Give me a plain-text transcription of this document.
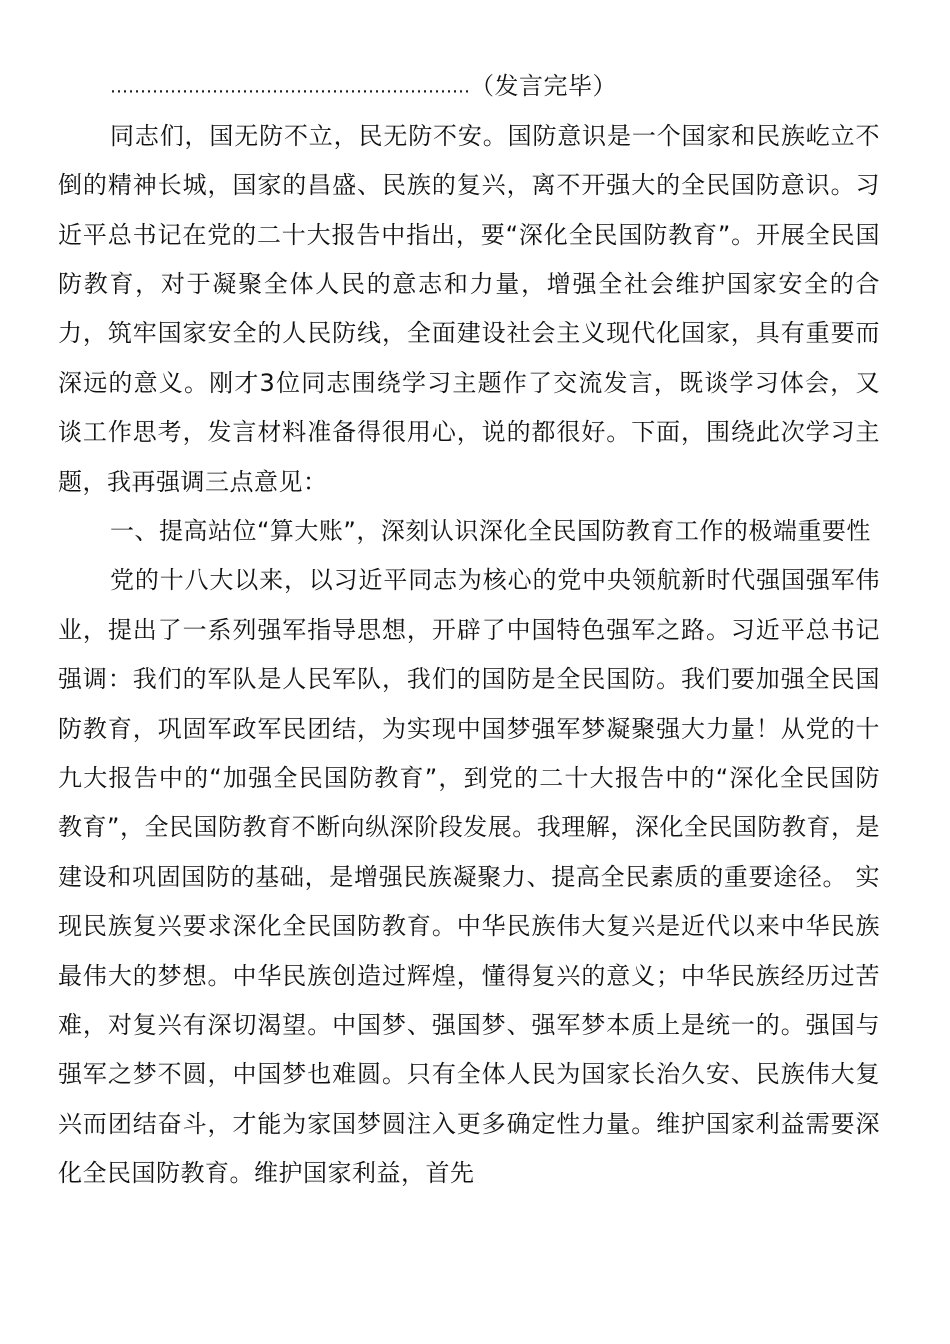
……………………………………………………（发言完毕）

同志们，国无防不立，民无防不安。国防意识是一个国家和民族屹立不倒的精神长城，国家的昌盛、民族的复兴，离不开强大的全民国防意识。习近平总书记在党的二十大报告中指出，要“深化全民国防教育”。开展全民国防教育，对于凝聚全体人民的意志和力量，增强全社会维护国家安全的合力，筑牢国家安全的人民防线，全面建设社会主义现代化国家，具有重要而深远的意义。刚才3位同志围绕学习主题作了交流发言，既谈学习体会，又谈工作思考，发言材料准备得很用心，说的都很好。下面，围绕此次学习主题，我再强调三点意见：

一、提高站位“算大账”，深刻认识深化全民国防教育工作的极端重要性

党的十八大以来，以习近平同志为核心的党中央领航新时代强国强军伟业，提出了一系列强军指导思想，开辟了中国特色强军之路。习近平总书记强调：我们的军队是人民军队，我们的国防是全民国防。我们要加强全民国防教育，巩固军政军民团结，为实现中国梦强军梦凝聚强大力量！从党的十九大报告中的“加强全民国防教育”，到党的二十大报告中的“深化全民国防教育”，全民国防教育不断向纵深阶段发展。我理解，深化全民国防教育，是建设和巩固国防的基础，是增强民族凝聚力、提高全民素质的重要途径。 实现民族复兴要求深化全民国防教育。中华民族伟大复兴是近代以来中华民族最伟大的梦想。中华民族创造过辉煌，懂得复兴的意义；中华民族经历过苦难，对复兴有深切渴望。中国梦、强国梦、强军梦本质上是统一的。强国与强军之梦不圆，中国梦也难圆。只有全体人民为国家长治久安、民族伟大复兴而团结奋斗，才能为家国梦圆注入更多确定性力量。维护国家利益需要深化全民国防教育。维护国家利益，首先
